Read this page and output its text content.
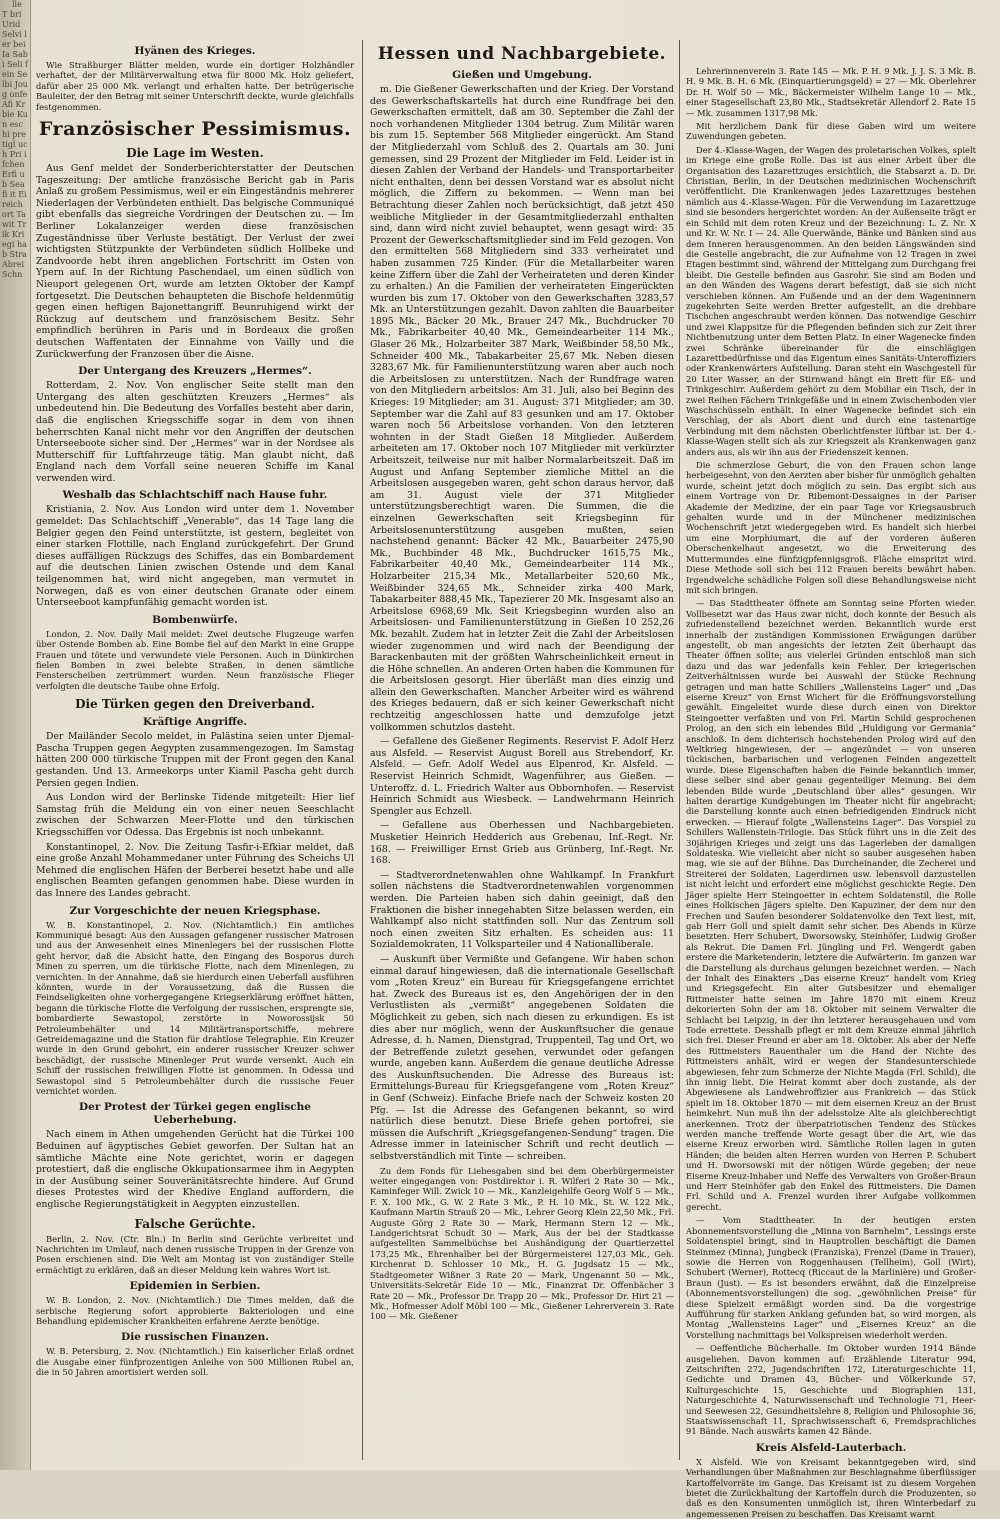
lle T bri Urid Selvi ler bei Ia Sabi Seli fein Selbi Joug onfe Afi Kr bie Kun eschi pretigl uch Pri ifchen Erfi ub Sea fi it Ei reich ort Ta wit Trik Kriegi hab Stra Abrei Schn

Hyänen des Krieges.

Wie Straßburger Blätter melden, wurde ein dortiger Holzhändler verhaftet, der der Militärverwaltung etwa für 8000 Mk. Holz geliefert, dafür aber 25 000 Mk. verlangt und erhalten hatte. Der betrügerische Bauleiter, der den Betrag mit seiner Unterschrift deckte, wurde gleichfalls festgenommen.

Französischer Pessimismus.
Die Lage im Westen.

Aus Genf meldet der Sonderberichterstatter der Deutschen Tageszeitung: Der amtliche französische Bericht gab in Paris Anlaß zu großem Pessimismus, weil er ein Eingeständnis mehrerer Niederlagen der Verbündeten enthielt. Das belgische Communiqué gibt ebenfalls das siegreiche Vordringen der Deutschen zu. — Im Berliner Lokalanzeiger werden diese französischen Zugeständnisse über Verluste bestätigt. Der Verlust der zwei wichtigsten Stützpunkte der Verbündeten südlich Hollbeke und Zandvoorde hebt ihren angeblichen Fortschritt im Osten von Ypern auf. In der Richtung Paschendael, um einen südlich von Nieuport gelegenen Ort, wurde am letzten Oktober der Kampf fortgesetzt. Die Deutschen behaupteten die Bischofe heldenmütig gegen einen heftigen Bajonettangriff. Beunruhigend wirkt der Rückzug auf deutschem und französischem Besitz. Sehr empfindlich berühren in Paris und in Bordeaux die großen deutschen Waffentaten der Einnahme von Vailly und die Zurückwerfung der Franzosen über die Aisne.

Der Untergang des Kreuzers „Hermes“.

Rotterdam, 2. Nov. Von englischer Seite stellt man den Untergang des alten geschützten Kreuzers „Hermes“ als unbedeutend hin. Die Bedeutung des Vorfalles besteht aber darin, daß die englischen Kriegsschiffe sogar in dem von ihnen beherrschten Kanal nicht mehr vor den Angriffen der deutschen Unterseeboote sicher sind. Der „Hermes“ war in der Nordsee als Mutterschiff für Luftfahrzeuge tätig. Man glaubt nicht, daß England nach dem Vorfall seine neueren Schiffe im Kanal verwenden wird.

Weshalb das Schlachtschiff nach Hause fuhr.

Kristiania, 2. Nov. Aus London wird unter dem 1. November gemeldet: Das Schlachtschiff „Venerable“, das 14 Tage lang die Belgier gegen den Feind unterstützte, ist gestern, begleitet von einer starken Flottille, nach England zurückgefehrt. Der Grund dieses auffälligen Rückzugs des Schiffes, das ein Bombardement auf die deutschen Linien zwischen Ostende und dem Kanal teilgenommen hat, wird nicht angegeben, man vermutet in Norwegen, daß es von einer deutschen Granate oder einem Unterseeboot kampfunfähig gemacht worden ist.

Bombenwürfe.

London, 2. Nov. Daily Mail meldet: Zwei deutsche Flugzeuge warfen über Ostende Bomben ab. Eine Bombe fiel auf den Markt in eine Gruppe Frauen und tötete und verwundete viele Personen. Auch in Dünkirchen fielen Bomben in zwei belebte Straßen, in denen sämtliche Fensterscheiben zertrümmert wurden. Neun französische Flieger verfolgten die deutsche Taube ohne Erfolg.

Die Türken gegen den Dreiverband.
Kräftige Angriffe.

Der Mailänder Secolo meldet, in Palästina seien unter Djemal-Pascha Truppen gegen Aegypten zusammengezogen. Im Samstag hätten 200 000 türkische Truppen mit der Front gegen den Kanal gestanden. Und 13. Armeekorps unter Kiamil Pascha geht durch Persien gegen Indien.

Aus London wird der Berlinske Tidende mitgeteilt: Hier lief Samstag früh die Meldung ein von einer neuen Seeschlacht zwischen der Schwarzen Meer-Flotte und den türkischen Kriegsschiffen vor Odessa. Das Ergebnis ist noch unbekannt.

Konstantinopel, 2. Nov. Die Zeitung Tasfir-i-Efkiar meldet, daß eine große Anzahl Mohammedaner unter Führung des Scheichs Ul Mehmed die englischen Häfen der Berberei besetzt habe und alle englischen Beamten gefangen genommen habe. Diese wurden in das Innere des Landes gebracht.

Zur Vorgeschichte der neuen Kriegsphase.

W. B. Konstantinopel, 2. Nov. (Nichtamtlich.) Ein amtliches Kommuniqué besagt: Aus den Aussagen gefangener russischer Matrosen und aus der Anwesenheit eines Minenlegers bei der russischen Flotte geht hervor, daß die Absicht hatte, den Eingang des Bosporus durch Minen zu sperren, um die türkische Flotte, nach dem Minenlegen, zu vernichten. In der Annahme, daß sie hierdurch einen Ueberfall ausführen könnten, wurde in der Voraussetzung, daß die Russen die Feindseligkeiten ohne vorhergegangene Kriegserklärung eröffnet hätten, begann die türkische Flotte die Verfolgung der russischen, ersprengte sie, bombardierte Sewastopol, zerstörte in Noworossijsk 50 Petroleumbehälter und 14 Militärtransportschiffe, mehrere Getreidemagazine und die Station für drahtlose Telegraphie. Ein Kreuzer wurde in den Grund gebohrt, ein anderer russischer Kreuzer schwer beschädigt, der russische Minenleger Prut wurde versenkt. Auch ein Schiff der russischen freiwilligen Flotte ist genommen. In Odessa und Sewastopol sind 5 Petroleumbehälter durch die russische Feuer vernichtet worden.

Der Protest der Türkei gegen englische Ueberhebung.

Nach einem in Athen umgehenden Gerücht hat die Türkei 100 Beduinen auf ägyptisches Gebiet geworfen. Der Sultan hat an sämtliche Mächte eine Note gerichtet, worin er dagegen protestiert, daß die englische Okkupationsarmee ihm in Aegypten in der Ausübung seiner Souveränitätsrechte hindere. Auf Grund dieses Protestes wird der Khedive England auffordern, die englische Regierungstätigkeit in Aegypten einzustellen.

Falsche Gerüchte.

Berlin, 2. Nov. (Ctr. Bln.) In Berlin sind Gerüchte verbreitet und Nachrichten im Umlauf, nach denen russische Truppen in der Grenze von Posen erschienen sind. Die Welt am Montag ist von zuständiger Stelle ermächtigt zu erklären, daß an dieser Meldung kein wahres Wort ist.

Epidemien in Serbien.

W. B. London, 2. Nov. (Nichtamtlich.) Die Times melden, daß die serbische Regierung sofort approbierte Bakteriologen und eine Behandlung epidemischer Krankheiten erfahrene Aerzte benötige.

Die russischen Finanzen.

W. B. Petersburg, 2. Nov. (Nichtamtlich.) Ein kaiserlicher Erlaß ordnet die Ausgabe einer fünfprozentigen Anleihe von 500 Millionen Rubel an, die in 50 Jahren amortisiert werden soll.

Hessen und Nachbargebiete.
Gießen und Umgebung.

m. Die Gießener Gewerkschaften und der Krieg. Der Vorstand des Gewerkschaftskartells hat durch eine Rundfrage bei den Gewerkschaften ermittelt, daß am 30. September die Zahl der noch vorhandenen Mitglieder 1304 betrug. Zum Militär waren bis zum 15. September 568 Mitglieder eingerückt. Am Stand der Mitgliederzahl vom Schluß des 2. Quartals am 30. Juni gemessen, sind 29 Prozent der Mitglieder im Feld. Leider ist in diesen Zahlen der Verband der Handels- und Transportarbeiter nicht enthalten, denn bei dessen Vorstand war es absolut nicht möglich, die Ziffern zu bekommen. — Wenn man bei Betrachtung dieser Zahlen noch berücksichtigt, daß jetzt 450 weibliche Mitglieder in der Gesamtmitgliederzahl enthalten sind, dann wird nicht zuviel behauptet, wenn gesagt wird: 35 Prozent der Gewerkschaftsmitglieder sind im Feld gezogen. Von den ermittelten 568 Mitgliedern sind 333 verheiratet und haben zusammen 725 Kinder. (Für die Metallarbeiter waren keine Ziffern über die Zahl der Verheirateten und deren Kinder zu erhalten.) An die Familien der verheirateten Eingerückten wurden bis zum 17. Oktober von den Gewerkschaften 3283,57 Mk. an Unterstützungen gezahlt. Davon zahlten die Bauarbeiter 1895 Mk., Bäcker 20 Mk., Brauer 247 Mk., Buchdrucker 70 Mk., Fabrikarbeiter 40,40 Mk., Gemeindearbeiter 114 Mk., Glaser 26 Mk., Holzarbeiter 387 Mark, Weißbinder 58,50 Mk., Schneider 400 Mk., Tabakarbeiter 25,67 Mk. Neben diesen 3283,67 Mk. für Familienunterstützung waren aber auch noch die Arbeitslosen zu unterstützen. Nach der Rundfrage waren von den Mitgliedern arbeitslos: Am 31. Juli, also bei Beginn des Krieges: 19 Mitglieder; am 31. August: 371 Mitglieder; am 30. September war die Zahl auf 83 gesunken und am 17. Oktober waren noch 56 Arbeitslose vorhanden. Von den letzteren wohnten in der Stadt Gießen 18 Mitglieder. Außerdem arbeiteten am 17. Oktober noch 107 Mitglieder mit verkürzter Arbeitszeit, teilweise nur mit halber Normalarbeitszeit. Daß im August und Anfang September ziemliche Mittel an die Arbeitslosen ausgegeben waren, geht schon daraus hervor, daß am 31. August viele der 371 Mitglieder unterstützungsberechtigt waren. Die Summen, die die einzelnen Gewerkschaften seit Kriegsbeginn für Arbeitslosenunterstützung ausgeben mußten, seien nachstehend genannt: Bäcker 42 Mk., Bauarbeiter 2475,90 Mk., Buchbinder 48 Mk., Buchdrucker 1615,75 Mk., Fabrikarbeiter 40,40 Mk., Gemeindearbeiter 114 Mk., Holzarbeiter 215,34 Mk., Metallarbeiter 520,60 Mk., Weißbinder 324,65 Mk., Schneider zirka 400 Mark, Tabakarbeiter 888,45 Mk., Tapezierer 20 Mk. Insgesamt also an Arbeitslose 6968,69 Mk. Seit Kriegsbeginn wurden also an Arbeitslosen- und Familienunterstützung in Gießen 10 252,26 Mk. bezahlt. Zudem hat in letzter Zeit die Zahl der Arbeitslosen wieder zugenommen und wird nach der Beendigung der Barackenbauten mit der größten Wahrscheinlichkeit erneut in die Höhe schnellen. An anderen Orten haben die Kommunen für die Arbeitslosen gesorgt. Hier überläßt man dies einzig und allein den Gewerkschaften. Mancher Arbeiter wird es während des Krieges bedauern, daß er sich keiner Gewerkschaft nicht rechtzeitig angeschlossen hatte und demzufolge jetzt vollkommen schutzlos dasteht.

— Gefallene des Gießener Regiments. Reservist F. Adolf Herz aus Alsfeld. — Reservist August Borell aus Strebendorf, Kr. Alsfeld. — Gefr. Adolf Wedel aus Elpenrod, Kr. Alsfeld. — Reservist Heinrich Schmidt, Wagenführer, aus Gießen. — Unteroffz. d. L. Friedrich Walter aus Obbornhofen. — Reservist Heinrich Schmidt aus Wiesbeck. — Landwehrmann Heinrich Spengler aus Echzell.

— Gefallene aus Oberhessen und Nachbargebieten. Musketier Heinrich Hedderich aus Grebenau, Inf.-Regt. Nr. 168. — Freiwilliger Ernst Grieb aus Grünberg, Inf.-Regt. Nr. 168.

— Stadtverordnetenwahlen ohne Wahlkampf. In Frankfurt sollen nächstens die Stadtverordnetenwahlen vorgenommen werden. Die Parteien haben sich dahin geeinigt, daß den Fraktionen die bisher innegehabten Sitze belassen werden, ein Wahlkampf also nicht stattfinden soll. Nur das Zentrum soll noch einen zweiten Sitz erhalten. Es scheiden aus: 11 Sozialdemokraten, 11 Volksparteiler und 4 Nationalliberale.

— Auskunft über Vermißte und Gefangene. Wir haben schon einmal darauf hingewiesen, daß die internationale Gesellschaft vom „Roten Kreuz“ ein Bureau für Kriegsgefangene errichtet hat. Zweck des Bureaus ist es, den Angehörigen der in den Verlustlisten als „vermißt“ angegebenen Soldaten die Möglichkeit zu geben, sich nach diesen zu erkundigen. Es ist dies aber nur möglich, wenn der Auskunftsucher die genaue Adresse, d. h. Namen, Dienstgrad, Truppenteil, Tag und Ort, wo der Betreffende zuletzt gesehen, verwundet oder gefangen wurde, angeben kann. Außerdem die genaue deutliche Adresse des Auskunftsuchenden. Die Adresse des Bureaus ist: Ermittelungs-Bureau für Kriegsgefangene vom „Roten Kreuz“ in Genf (Schweiz). Einfache Briefe nach der Schweiz kosten 20 Pfg. — Ist die Adresse des Gefangenen bekannt, so wird natürlich diese benutzt. Diese Briefe gehen portofrei, sie müssen die Aufschrift „Kriegsgefangenen-Sendung“ tragen. Die Adresse immer in lateinischer Schrift und recht deutlich — selbstverständlich mit Tinte — schreiben.

Zu dem Fonds für Liebesgaben sind bei dem Oberbürgermeister weiter eingegangen von: Postdirektor i. R. Wilferi 2 Rate 30 — Mk., Kaminfeger Will. Zwick 10 — Mk., Kanzleigehilfe Georg Wolf 5 — Mk., F. X. 100 Mk., G. W. 2 Rate 3 Mk., P. H. 10 Mk., St. W. 122 Mk., Kaufmann Martin Strauß 20 — Mk., Lehrer Georg Klein 22,50 Mk., Frl. Auguste Görg 2 Rate 30 — Mark, Hermann Stern 12 — Mk., Landgerichtsrat Schudt 30 — Mark, Aus der bei der Stadtkasse aufgestellten Sammelbüchse bei Aushändigung der Quartierzettel 173,25 Mk., Ehrenhalber bei der Bürgermeisterei 127,03 Mk., Geh. Kirchenrat D. Schlosser 10 Mk., H. G. Jugdsatz 15 — Mk., Stadtgeometer Wißner 3 Rate 20 — Mark, Ungenannt 50 — Mk., Universitäts-Sekretär Eide 10 — Mk., Finanzrat Dr. Offenbächer 3 Rate 20 — Mk., Professor Dr. Trapp 20 — Mk., Professor Dr. Hirt 21 — Mk., Hofmesser Adolf Möbl 100 — Mk., Gießener Lehrerverein 3. Rate 100 — Mk. Gießener

Lehrerinnenverein 3. Rate 145 — Mk. P. H. 9 Mk. J. J. S. 3 Mk. B. H. 9 Mk. B. H. 6 Mk. (Einquartierungsgeld) = 27 — Mk. Oberlehrer Dr. H. Wolf 50 — Mk., Bäckermeister Wilhelm Lange 10 — Mk., einer Stagesellschaft 23,80 Mk., Stadtsekretär Allendorf 2. Rate 15 — Mk. zusammen 1317,98 Mk.

Mit herzlichem Dank für diese Gaben wird um weitere Zuwendungen gebeten.

Der 4.-Klasse-Wagen, der Wagen des proletarischen Volkes, spielt im Kriege eine große Rolle. Das ist aus einer Arbeit über die Organisation des Lazarettzuges ersichtlich, die Stabsarzt a. D. Dr. Christian, Berlin, in der Deutschen medizinischen Wochenschrift veröffentlicht. Die Krankenwagen jedes Lazarettzuges bestehen nämlich aus 4.-Klasse-Wagen. Für die Verwendung im Lazarettzuge sind sie besonders hergerichtet worden: An der Außenseite trägt er ein Schild mit dem roten Kreuz und der Bezeichnung: L. Z. Nr. X und Kr. W. Nr. I — 24. Alle Querwände, Bänke und Bänken sind aus dem Inneren herausgenommen. An den beiden Längswänden sind die Gestelle angebracht, die zur Aufnahme von 12 Tragen in zwei Etagen bestimmt sind, während der Mittelgang zum Durchgang frei bleibt. Die Gestelle befinden aus Gasrohr. Sie sind am Boden und an den Wänden des Wagens derart befestigt, daß sie sich nicht verschieben können. Am Fußende und an der dem Wageninnern zugekehrten Seite werden Bretter aufgestellt, an die drehbare Tischchen angeschraubt werden können. Das notwendige Geschirr und zwei Klappsitze für die Pflegenden befinden sich zur Zeit ihrer Nichtbenutzung unter dem Betten Platz. In einer Wagenecke finden zwei Schränke übereinander für die einschlägigen Lazarettbedürfnisse und das Eigentum eines Sanitäts-Unteroffiziers oder Krankenwärters Aufstellung. Daran steht ein Waschgestell für 20 Liter Wasser, an der Stirnwand hängt ein Brett für Eß- und Trinkgeschirr. Außerdem gehört zu dem Mobiliar ein Tisch, der in zwei Reihen Fächern Trinkgefäße und in einem Zwischenboden vier Waschschüsseln enthält. In einer Wagenecke befindet sich ein Verschlag, der als Abort dient und durch eine tastenartige Verbindung mit dem nächsten Oberlichtfenster lüftbar ist. Der 4.-Klasse-Wagen stellt sich als zur Kriegszeit als Krankenwagen ganz anders aus, als wir ihn aus der Friedenszeit kennen.

Die schmerzlose Geburt, die von den Frauen schon lange herbeigesehnt, von den Aerzten aber bisher für unmöglich gehalten wurde, scheint jetzt doch möglich zu sein. Das ergibt sich aus einem Vortrage von Dr. Ribemont-Dessaignes in der Pariser Akademie der Medizine, der ein paar Tage vor Kriegsausbruch gehalten wurde und in der Münchener medizinischen Wochenschrift jetzt wiedergegeben wird. Es handelt sich hierbei um eine Morphiumart, die auf der vorderen äußeren Oberschenkelhaut angesetzt, wo die Erweiterung des Muttermundes eine fünfzigpfennigsgroß. Fläche einspritzt wird. Diese Methode soll sich bei 112 Frauen bereits bewährt haben. Irgendwelche schädliche Folgen soll diese Behandlungsweise nicht mit sich bringen.

— Das Stadttheater öffnete am Sonntag seine Pforten wieder. Vollbesetzt war das Haus zwar nicht, doch konnte der Besuch als zufriedenstellend bezeichnet werden. Bekanntlich wurde erst innerhalb der zuständigen Kommissionen Erwägungen darüber angestellt, ob man angesichts der letzten Zeit überhaupt das Theater öffnen sollte; aus vielerlei Gründen entschloß man sich dazu und das war jedenfalls kein Fehler. Der kriegerischen Zeitverhältnissen wurde bei Auswahl der Stücke Rechnung getragen und man hatte Schillers „Wallensteins Lager“ und „Das eiserne Kreuz“ von Ernst Wichert für die Eröffnungsvorstellung gewählt. Eingeleitet wurde diese durch einen von Direktor Steingoetter verfaßten und von Frl. Martin Schild gesprochenen Prolog, an den sich ein lebendes Bild „Huldigung vor Germania“ anschloß. In dem dichterisch hochstehenden Prolog wird auf den Weltkrieg hingewiesen, der — angezündet — von unseren tückischen, barbarischen und verlogenen Feinden angezettelt wurde. Diese Eigenschaften haben die Feinde bekanntlich immer, diese selber sind aber genau gegenteiliger Meinung. Bei dem lebenden Bilde wurde „Deutschland über alles“ gesungen. Wir halten derartige Kundgebungen im Theater nicht für angebracht; die Darstellung konnte auch einen befriedigenden Eindruck nicht erwecken. — Hierauf folgte „Wallensteins Lager“. Das Vorspiel zu Schillers Wallenstein-Trilogie. Das Stück führt uns in die Zeit des 30jährigen Krieges und zeigt uns das Lagerleben der damaligen Soldateska. Wie vielleicht aber nicht so sauber ausgesehen haben mag, wie sie auf der Bühne. Das Durcheinander, die Zecherei und Streiterei der Soldaten, Lagerdirnen usw. lebensvoll darzustellen ist nicht leicht und erfordert eine möglichst geschickte Regie. Den Jäger spielte Herr Steingoetter in echtem Soldatenstil, die Rolle eines Holkischen Jägers spielte. Den Kapuziner, der dem nur den Frechen und Saufen besonderer Soldatenvolke den Text liest, mit, gab Herr Goll und spielt damit sehr sicher. Des Abends in Kürze besetzten. Herr Schubert, Dworsowsky, Steinhöfer, Ludwig Großer als Rekrut. Die Damen Frl. Jüngling und Frl. Wengerdt gaben erstere die Marketenderin, letztere die Aufwärterin. Im ganzen war die Darstellung als durchaus gelungen bezeichnet werden. — Nach der Inhalt des Einakters „Das eiserne Kreuz“ handelt vom Krieg und Kriegsgefecht. Ein alter Gutsbesitzer und ehemaliger Rittmeister hatte seinen im Jahre 1870 mit einem Kreuz dekorierten Sohn der am 18. Oktober mit seinem Verwalter die Schlacht bei Leipzig, in der ihn letzterer herausgehauen und vom Tode errettete. Desshalb pflegt er mit dem Kreuze einmal jährlich sich frei. Dieser Freund er aber am 18. Oktober. Als aber der Neffe des Rittmeisters Rauenthaler um die Hand der Nichte des Rittmeisters anhält, wird er wegen der Standesunterschiede abgewiesen, fehr zum Schmerze der Nichte Magda (Frl. Schild), die ihn innig liebt. Die Heirat kommt aber doch zustande, als der Abgewiesene als Landwehroffizier aus Frankreich — das Stück spielt im 18. Oktober 1870 — mit dem eisernen Kreuz an der Brust heimkehrt. Nun muß ihn der adelsstolze Alte als gleichberechtigt anerkennen. Trotz der überpatriotischen Tendenz des Stückes werden manche treffende Worte gesagt über die Art, wie das eiserne Kreuz erworben wird. Sämtliche Rollen lagen in guten Händen; die beiden alten Herren wurden von Herren P. Schubert und H. Dworsowski mit der nötigen Würde gegeben; der neue Eiserne Kreuz-Inhaber und Neffe des Verwalters von Großer-Braun und Herr Steinhöfer gab den Enkel des Rittmeisters. Die Damen Frl. Schild und A. Frenzel wurden ihrer Aufgabe vollkommen gerecht.

— Vom Stadttheater. In der heutigen ersten Abonnementsvorstellung die „Minna von Barnhelm“, Lessings erste Soldatenspiel bringt, sind in Hauptrollen beschäftigt die Damen Steinmez (Minna), Jungbeck (Franziska), Frenzel (Dame in Trauer), sowie die Herren von Roggenhausen (Tellheim), Goll (Wirt), Schubert (Werner), Rottecq (Riccaut de la Marlinière) und Großer-Braun (Just). — Es ist besonders erwähnt, daß die Einzelpreise (Abonnementsvorstellungen) die sog. „gewöhnlichen Preise“ für diese Spielzeit ermäßigt worden sind. Da die vorgestrige Aufführung für starken Anklang gefunden hat, so wird morgen, als Montag „Wallensteins Lager“ und „Eisernes Kreuz“ an die Vorstellung nachmittags bei Volkspreisen wiederholt werden.

— Oeffentliche Bücherhalle. Im Oktober wurden 1914 Bände ausgeliehen. Davon kommen auf: Erzählende Literatur 994, Zeitschriften 272, Jugendschriften 172, Literaturgeschichte 11, Gedichte und Dramen 43, Bücher- und Völkerkunde 57, Kulturgeschichte 15, Geschichte und Biographien 131, Naturgeschichte 4, Naturwissenschaft und Technologie 71, Heer- und Seewesen 22, Gesundheitslehre 8, Religion und Philosophie 36, Staatswissenschaft 11, Sprachwissenschaft 6, Fremdsprachliches 91 Bände. Nach auswärts kamen 42 Bände.

Kreis Alsfeld-Lauterbach.

X Alsfeld. Wie von Kreisamt bekanntgegeben wird, sind Verhandlungen über Maßnahmen zur Beschlagnahme überflüssiger Kartoffelvorräte im Gange. Das Kreisamt ist zu diesem Vorgehen bietet die Zurückhaltung der Kartoffeln durch die Produzenten, so daß es den Konsumenten unmöglich ist, ihren Winterbedarf zu angemessenen Preisen zu beschaffen. Das Kreisamt warnt
